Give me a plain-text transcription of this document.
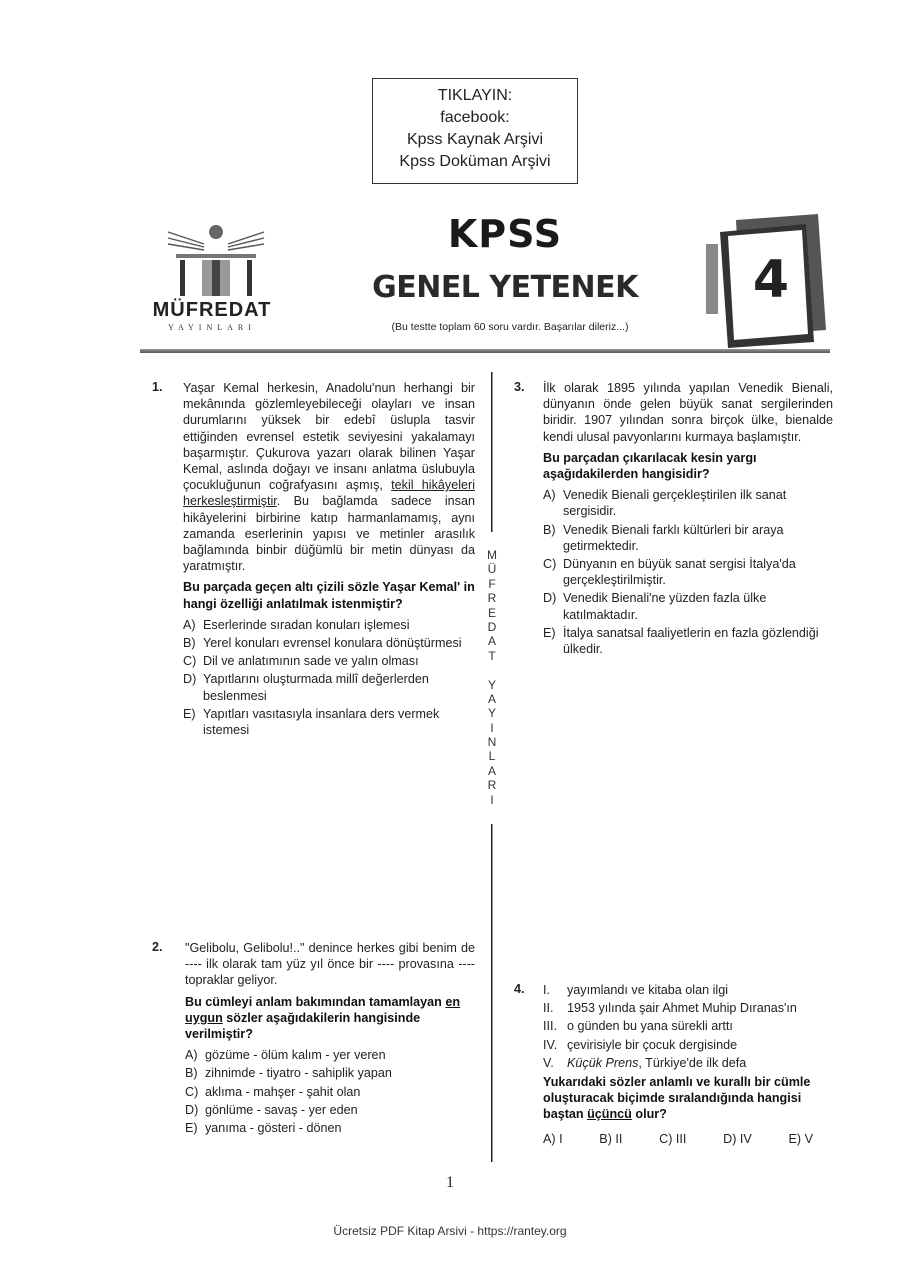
TIKLAYIN:
facebook:
Kpss Kaynak Arşivi
Kpss Doküman Arşivi
MÜFREDAT
YAYINLARI
KPSS
GENEL YETENEK
(Bu testte toplam 60 soru vardır. Başarılar dileriz...)
4
M
Ü
F
R
E
D
A
T
Y
A
Y
I
N
L
A
R
I
1. Yaşar Kemal herkesin, Anadolu'nun herhangi bir mekânında gözlemleyebileceği olayları ve insan durumlarını yüksek bir edebî üslupla tasvir ettiğinden evrensel estetik seviyesini yakalamayı başarmıştır. Çukurova yazarı olarak bilinen Yaşar Kemal, aslında doğayı ve insanı anlatma üslubuyla çocukluğunun coğrafyasını aşmış, tekil hikâyeleri herkesleştirmiştir. Bu bağlamda sadece insan hikâyelerini birbirine katıp harmanlamamış, aynı zamanda eserlerinin yapısı ve metinler arasılık bağlamında binbir düğümlü bir metin dünyası da yaratmıştır.
Bu parçada geçen altı çizili sözle Yaşar Kemal' in hangi özelliği anlatılmak istenmiştir?
A) Eserlerinde sıradan konuları işlemesi
B) Yerel konuları evrensel konulara dönüştürmesi
C) Dil ve anlatımının sade ve yalın olması
D) Yapıtlarını oluşturmada millî değerlerden beslenmesi
E) Yapıtları vasıtasıyla insanlara ders vermek istemesi
2. "Gelibolu, Gelibolu!.." denince herkes gibi benim de ---- ilk olarak tam yüz yıl önce bir ---- provasına ---- topraklar geliyor.
Bu cümleyi anlam bakımından tamamlayan en uygun sözler aşağıdakilerin hangisinde verilmiştir?
A) gözüme - ölüm kalım - yer veren
B) zihnimde - tiyatro - sahiplik yapan
C) aklıma - mahşer - şahit olan
D) gönlüme - savaş - yer eden
E) yanıma - gösteri - dönen
3. İlk olarak 1895 yılında yapılan Venedik Bienali, dünyanın önde gelen büyük sanat sergilerinden biridir. 1907 yılından sonra birçok ülke, bienalde kendi ulusal pavyonlarını kurmaya başlamıştır.
Bu parçadan çıkarılacak kesin yargı aşağıdakilerden hangisidir?
A) Venedik Bienali gerçekleştirilen ilk sanat sergisidir.
B) Venedik Bienali farklı kültürleri bir araya getirmektedir.
C) Dünyanın en büyük sanat sergisi İtalya'da gerçekleştirilmiştir.
D) Venedik Bienali'ne yüzden fazla ülke katılmaktadır.
E) İtalya sanatsal faaliyetlerin en fazla gözlendiği ülkedir.
4. I.	yayımlandı ve kitaba olan ilgi
II.	1953 yılında şair Ahmet Muhip Dıranas'ın
III. o günden bu yana sürekli arttı
IV. çevirisiyle bir çocuk dergisinde
V.	Küçük Prens, Türkiye'de ilk defa
Yukarıdaki sözler anlamlı ve kurallı bir cümle oluşturacak biçimde sıralandığında hangisi baştan üçüncü olur?
A) I	B) II	C) III	D) IV	E) V
1
Ücretsiz PDF Kitap Arsivi - https://rantey.org
